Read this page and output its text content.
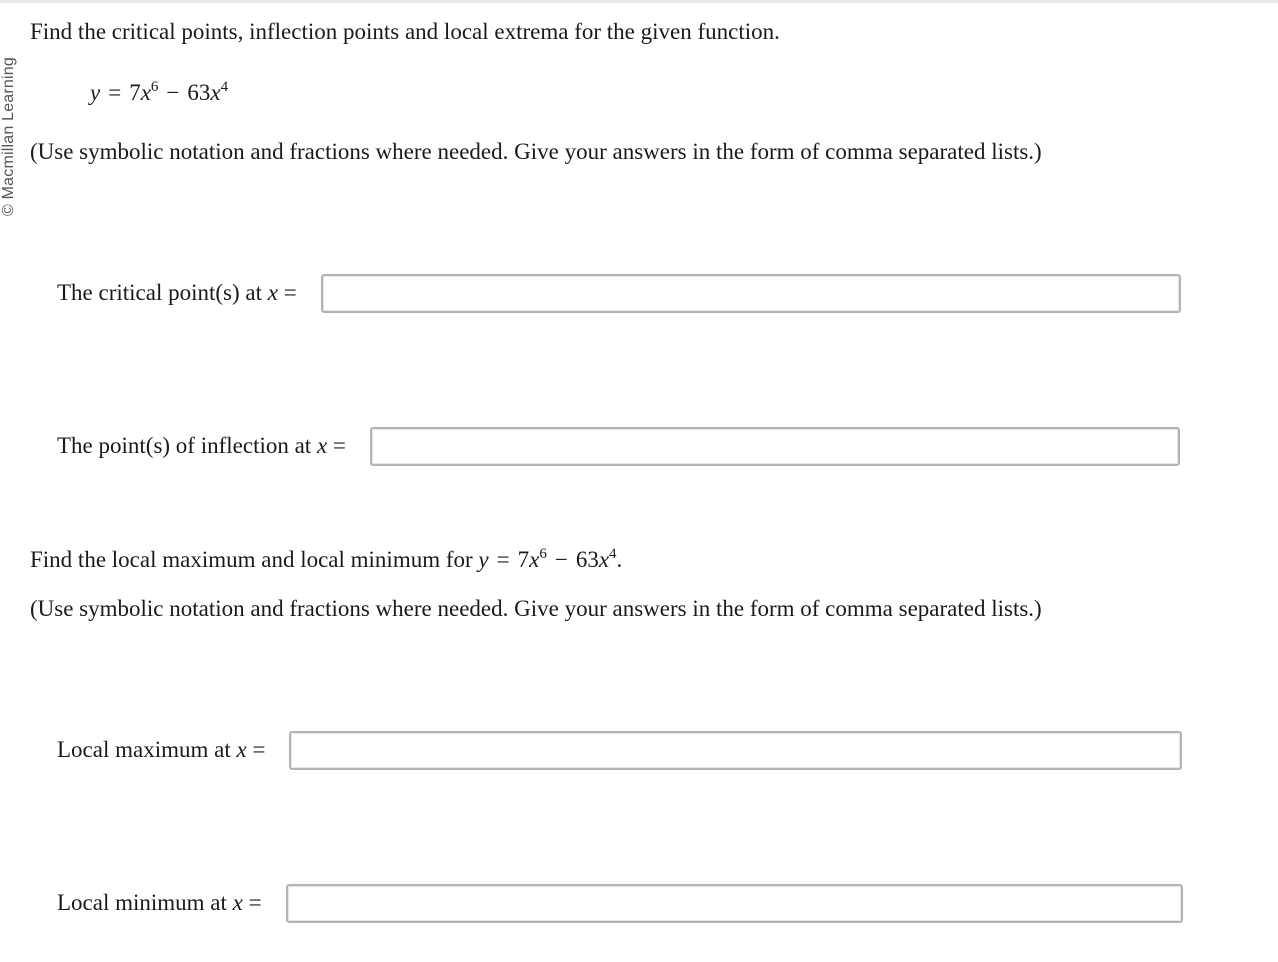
© Macmillan Learning
Find the critical points, inflection points and local extrema for the given function.
$y = 7x^6 - 63x^4$
(Use symbolic notation and fractions where needed. Give your answers in the form of comma separated lists.)
The critical point(s) at x =
The point(s) of inflection at x =
Find the local maximum and local minimum for $y = 7x^6 - 63x^4$.
(Use symbolic notation and fractions where needed. Give your answers in the form of comma separated lists.)
Local maximum at x =
Local minimum at x =
